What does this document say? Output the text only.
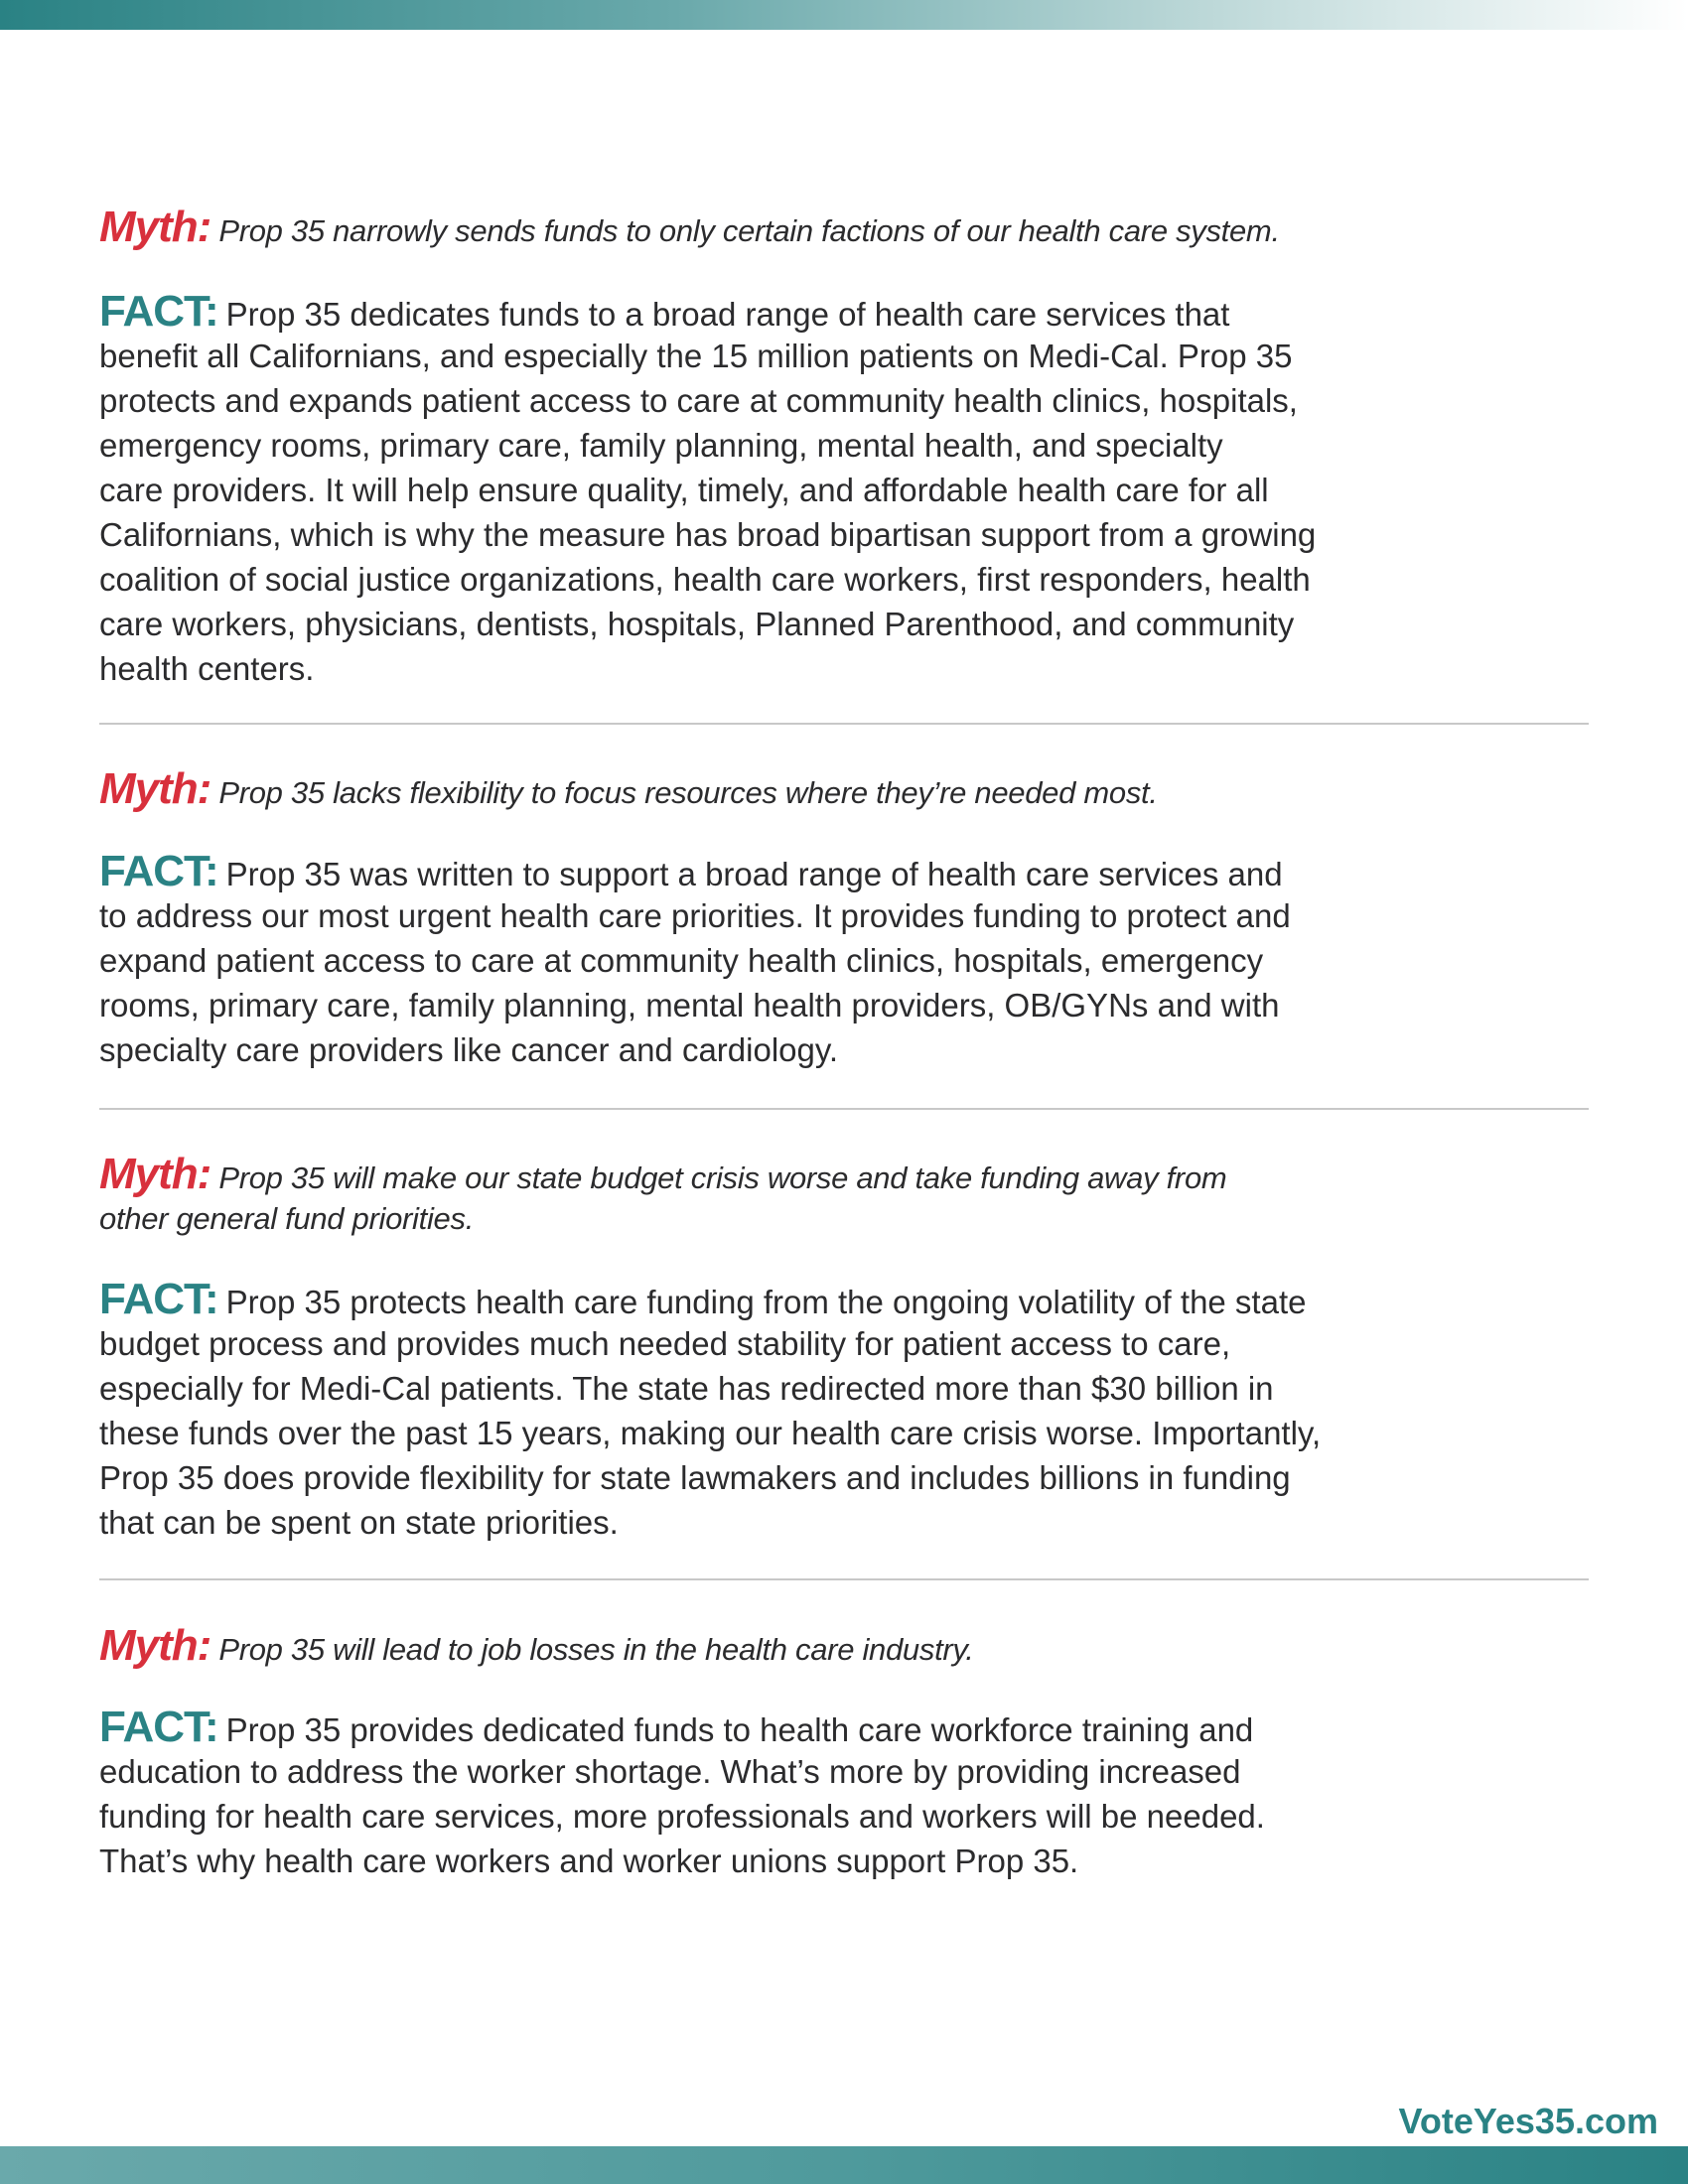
Myth: Prop 35 narrowly sends funds to only certain factions of our health care system.
FACT: Prop 35 dedicates funds to a broad range of health care services that
benefit all Californians, and especially the 15 million patients on Medi-Cal. Prop 35
protects and expands patient access to care at community health clinics, hospitals,
emergency rooms, primary care, family planning, mental health, and specialty
care providers. It will help ensure quality, timely, and affordable health care for all
Californians, which is why the measure has broad bipartisan support from a growing
coalition of social justice organizations, health care workers, first responders, health
care workers, physicians, dentists, hospitals, Planned Parenthood, and community
health centers.
Myth: Prop 35 lacks flexibility to focus resources where they’re needed most.
FACT: Prop 35 was written to support a broad range of health care services and
to address our most urgent health care priorities. It provides funding to protect and
expand patient access to care at community health clinics, hospitals, emergency
rooms, primary care, family planning, mental health providers, OB/GYNs and with
specialty care providers like cancer and cardiology.
Myth: Prop 35 will make our state budget crisis worse and take funding away from
other general fund priorities.
FACT: Prop 35 protects health care funding from the ongoing volatility of the state
budget process and provides much needed stability for patient access to care,
especially for Medi-Cal patients. The state has redirected more than $30 billion in
these funds over the past 15 years, making our health care crisis worse. Importantly,
Prop 35 does provide flexibility for state lawmakers and includes billions in funding
that can be spent on state priorities.
Myth: Prop 35 will lead to job losses in the health care industry.
FACT: Prop 35 provides dedicated funds to health care workforce training and
education to address the worker shortage. What’s more by providing increased
funding for health care services, more professionals and workers will be needed.
That’s why health care workers and worker unions support Prop 35.
VoteYes35.com
